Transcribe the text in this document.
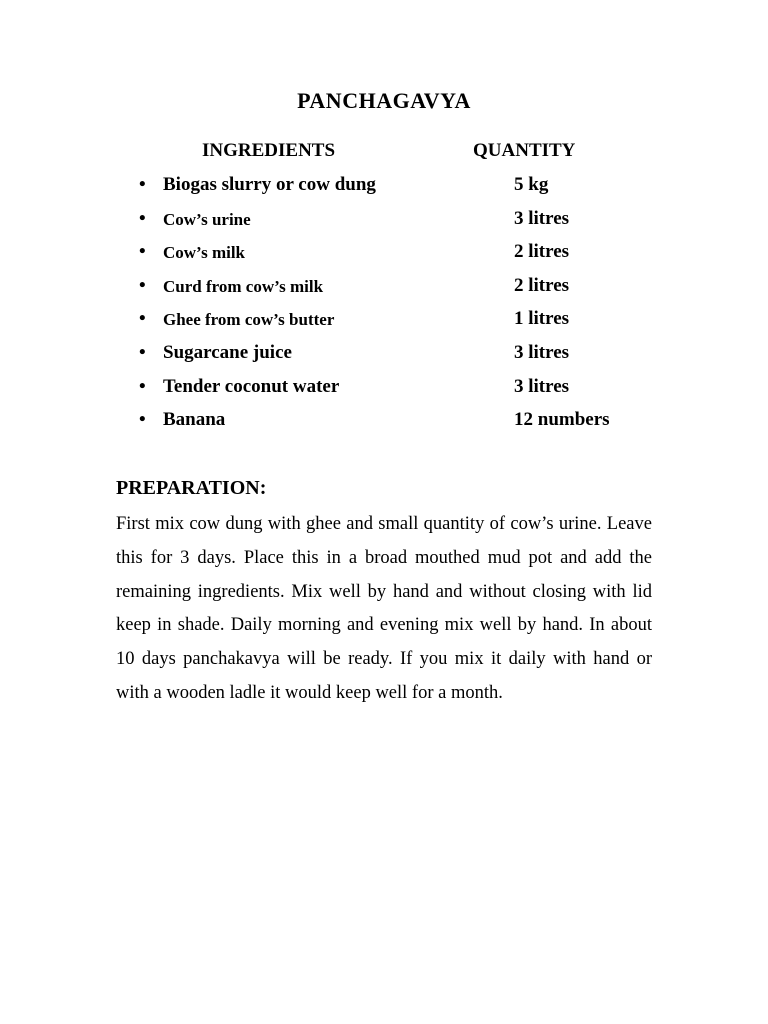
PANCHAGAVYA
INGREDIENTS	QUANTITY
• Biogas slurry or cow dung	5 kg
• Cow’s urine	3 litres
• Cow’s milk	2 litres
• Curd from cow’s milk	2 litres
• Ghee from cow’s butter	1 litres
• Sugarcane juice	3 litres
• Tender coconut water	3 litres
• Banana	12 numbers
PREPARATION:

First mix cow dung with ghee and small quantity of cow’s urine. Leave this for 3 days. Place this in a broad mouthed mud pot and add the remaining ingredients. Mix well by hand and without closing with lid keep in shade. Daily morning and evening mix well by hand. In about 10 days panchakavya will be ready. If you mix it daily with hand or with a wooden ladle it would keep well for a month.
